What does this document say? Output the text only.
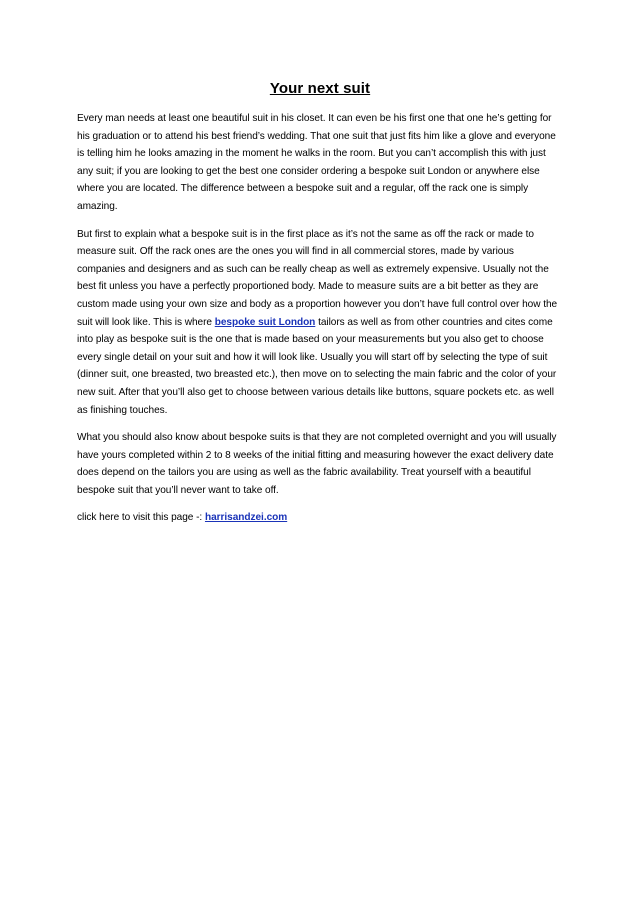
Your next suit

Every man needs at least one beautiful suit in his closet. It can even be his first one that one he’s getting for his graduation or to attend his best friend’s wedding. That one suit that just fits him like a glove and everyone is telling him he looks amazing in the moment he walks in the room. But you can’t accomplish this with just any suit; if you are looking to get the best one consider ordering a bespoke suit London or anywhere else where you are located. The difference between a bespoke suit and a regular, off the rack one is simply amazing.

But first to explain what a bespoke suit is in the first place as it’s not the same as off the rack or made to measure suit. Off the rack ones are the ones you will find in all commercial stores, made by various companies and designers and as such can be really cheap as well as extremely expensive. Usually not the best fit unless you have a perfectly proportioned body. Made to measure suits are a bit better as they are custom made using your own size and body as a proportion however you don’t have full control over how the suit will look like. This is where bespoke suit London tailors as well as from other countries and cites come into play as bespoke suit is the one that is made based on your measurements but you also get to choose every single detail on your suit and how it will look like. Usually you will start off by selecting the type of suit (dinner suit, one breasted, two breasted etc.), then move on to selecting the main fabric and the color of your new suit. After that you’ll also get to choose between various details like buttons, square pockets etc. as well as finishing touches.

What you should also know about bespoke suits is that they are not completed overnight and you will usually have yours completed within 2 to 8 weeks of the initial fitting and measuring however the exact delivery date does depend on the tailors you are using as well as the fabric availability. Treat yourself with a beautiful bespoke suit that you’ll never want to take off.

click here to visit this page -: harrisandzei.com
